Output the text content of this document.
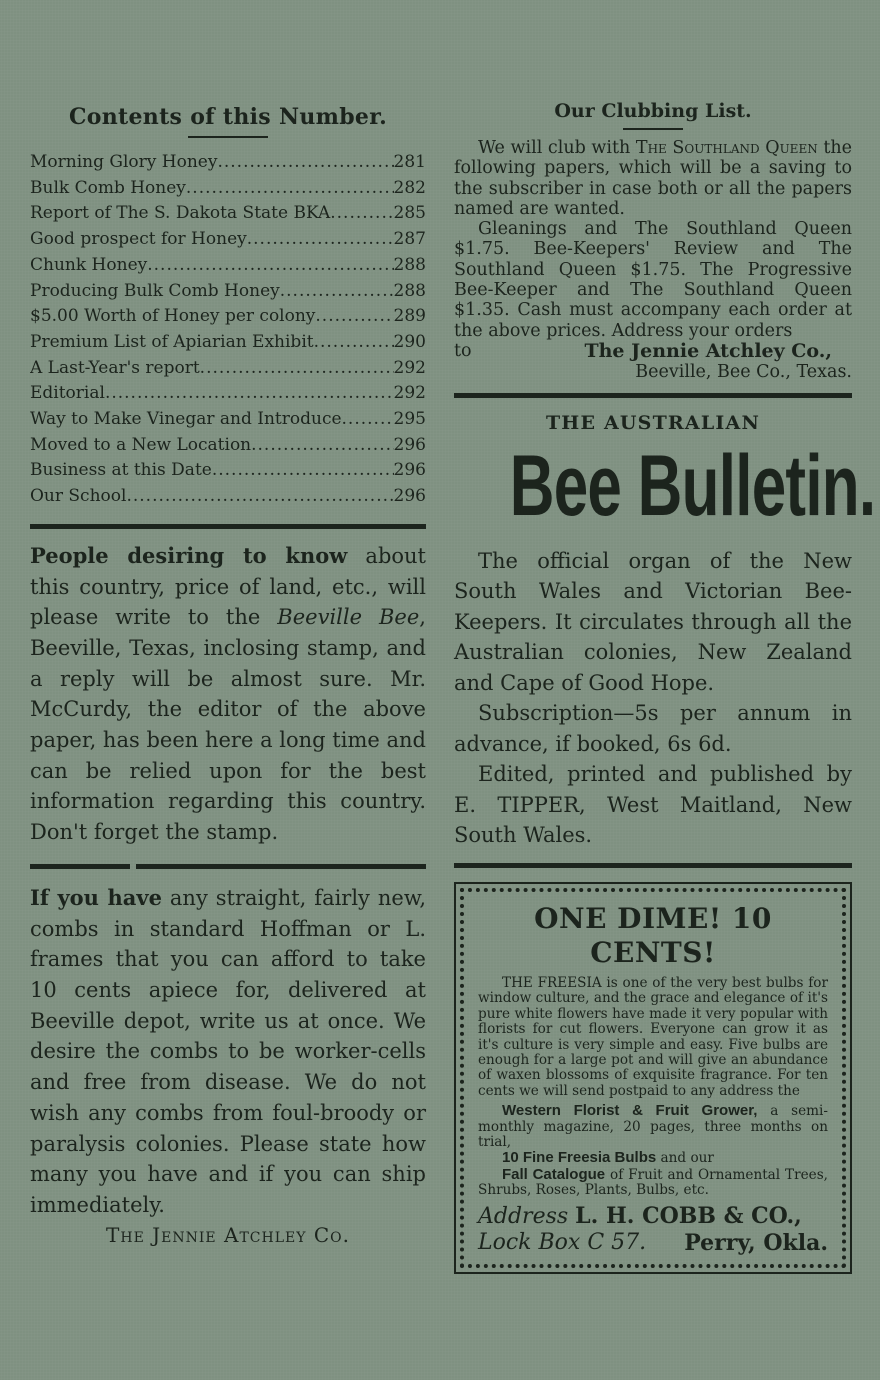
Contents of this Number.
Morning Glory Honey .....	281
Bulk Comb Honey .....	282
Report of The S. Dakota State BKA .....	285
Good prospect for Honey .....	287
Chunk Honey .....	288
Producing Bulk Comb Honey .....	288
$5.00 Worth of Honey per colony .....	289
Premium List of Apiarian Exhibit .....	290
A Last-Year's report .....	292
Editorial .....	292
Way to Make Vinegar and Introduce .....	295
Moved to a New Location .....	296
Business at this Date .....	296
Our School .....	296

People desiring to know about this country, price of land, etc., will please write to the Beeville Bee, Beeville, Texas, inclosing stamp, and a reply will be almost sure. Mr. McCurdy, the editor of the above paper, has been here a long time and can be relied upon for the best information regarding this country. Don't forget the stamp.

If you have any straight, fairly new, combs in standard Hoffman or L. frames that you can afford to take 10 cents apiece for, delivered at Beeville depot, write us at once. We desire the combs to be worker-cells and free from disease. We do not wish any combs from foul-broody or paralysis colonies. Please state how many you have and if you can ship immediately.

The Jennie Atchley Co.
Our Clubbing List.

We will club with The Southland Queen the following papers, which will be a saving to the subscriber in case both or all the papers named are wanted.

Gleanings and The Southland Queen $1.75. Bee-Keepers' Review and The Southland Queen $1.75. The Progressive Bee-Keeper and The Southland Queen $1.35. Cash must accompany each order at the above prices. Address your orders

to	The Jennie Atchley Co.,
Beeville, Bee Co., Texas.
THE AUSTRALIAN
Bee Bulletin.

The official organ of the New South Wales and Victorian Bee-Keepers. It circulates through all the Australian colonies, New Zealand and Cape of Good Hope.

Subscription—5s per annum in advance, if booked, 6s 6d.

Edited, printed and published by E. TIPPER, West Maitland, New South Wales.

ONE DIME! 10 CENTS!

THE FREESIA is one of the very best bulbs for window culture, and the grace and elegance of it's pure white flowers have made it very popular with florists for cut flowers. Everyone can grow it as it's culture is very simple and easy. Five bulbs are enough for a large pot and will give an abundance of waxen blossoms of exquisite fragrance. For ten cents we will send postpaid to any address the

Western Florist & Fruit Grower, a semi-monthly magazine, 20 pages, three months on trial,

10 Fine Freesia Bulbs and our

Fall Catalogue of Fruit and Ornamental Trees, Shrubs, Roses, Plants, Bulbs, etc.

Address L. H. COBB & CO.,
Lock Box C 57. Perry, Okla.
